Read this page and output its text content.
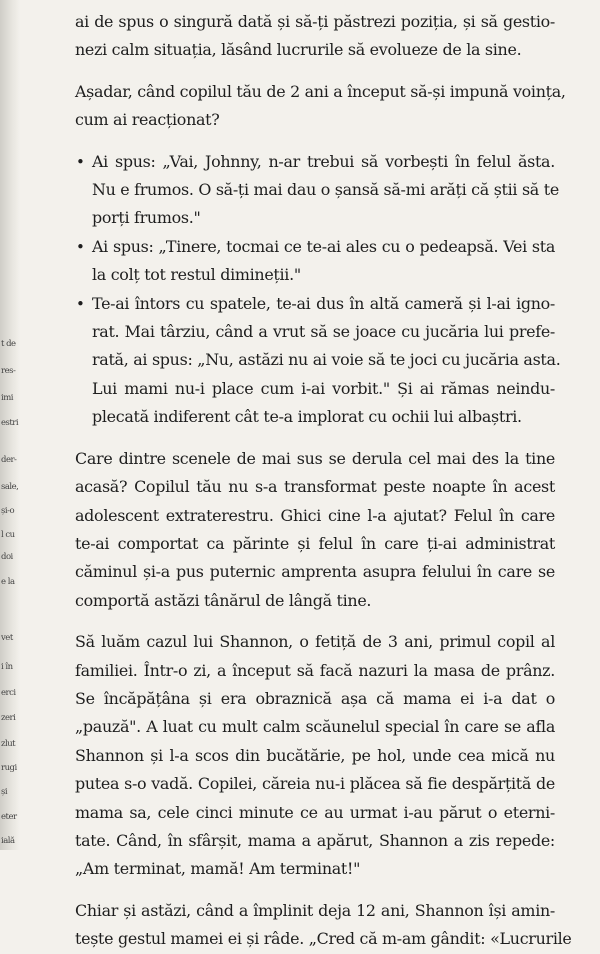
t de
res-
imi
estri
der-
sale,
și-o
l cu
doi
e la
vet
i în
erci
zeri
zlut
rugi
și
eter
ială

ai de spus o singură dată și să-ți păstrezi poziția, și să gestio-
nezi calm situația, lăsând lucrurile să evolueze de la sine.

Așadar, când copilul tău de 2 ani a început să-și impună voința,
cum ai reacționat?

• Ai spus: „Vai, Johnny, n-ar trebui să vorbești în felul ăsta.
Nu e frumos. O să-ți mai dau o șansă să-mi arăți că știi să te
porți frumos."
• Ai spus: „Tinere, tocmai ce te-ai ales cu o pedeapsă. Vei sta
la colț tot restul dimineții."
• Te-ai întors cu spatele, te-ai dus în altă cameră și l-ai igno-
rat. Mai târziu, când a vrut să se joace cu jucăria lui prefe-
rată, ai spus: „Nu, astăzi nu ai voie să te joci cu jucăria asta.
Lui mami nu-i place cum i-ai vorbit." Și ai rămas neindu-
plecată indiferent cât te-a implorat cu ochii lui albaștri.

Care dintre scenele de mai sus se derula cel mai des la tine
acasă? Copilul tău nu s-a transformat peste noapte în acest
adolescent extraterestru. Ghici cine l-a ajutat? Felul în care
te-ai comportat ca părinte și felul în care ți-ai administrat
căminul și-a pus puternic amprenta asupra felului în care se
comportă astăzi tânărul de lângă tine.

Să luăm cazul lui Shannon, o fetiță de 3 ani, primul copil al
familiei. Într-o zi, a început să facă nazuri la masa de prânz.
Se încăpățâna și era obraznică așa că mama ei i-a dat o
„pauză". A luat cu mult calm scăunelul special în care se afla
Shannon și l-a scos din bucătărie, pe hol, unde cea mică nu
putea s-o vadă. Copilei, căreia nu-i plăcea să fie despărțită de
mama sa, cele cinci minute ce au urmat i-au părut o eterni-
tate. Când, în sfârșit, mama a apărut, Shannon a zis repede:
„Am terminat, mamă! Am terminat!"

Chiar și astăzi, când a împlinit deja 12 ani, Shannon își amin-
tește gestul mamei ei și râde. „Cred că m-am gândit: «Lucrurile
